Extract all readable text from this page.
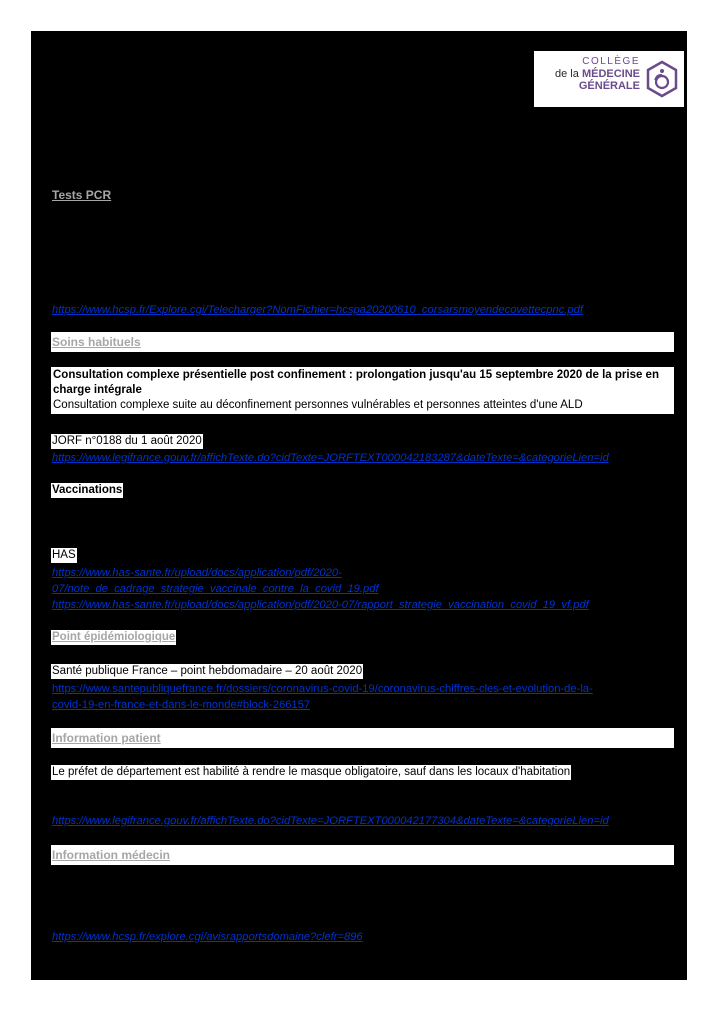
COLLÈGE
de la MÉDECINE
GÉNÉRALE
Tests PCR
https://www.hcsp.fr/Explore.cgi/Telecharger?NomFichier=hcspa20200610_corsarsmoyendecovettecpnc.pdf
Soins habituels
Consultation complexe présentielle post confinement : prolongation jusqu'au 15 septembre 2020 de la prise en charge intégrale
Consultation complexe suite au déconfinement personnes vulnérables et personnes atteintes d'une ALD
JORF n°0188 du 1 août 2020
https://www.legifrance.gouv.fr/affichTexte.do?cidTexte=JORFTEXT000042183287&dateTexte=&categorieLien=id
Vaccinations
HAS
https://www.has-sante.fr/upload/docs/application/pdf/2020-
07/note_de_cadrage_strategie_vaccinale_contre_la_covid_19.pdf
https://www.has-sante.fr/upload/docs/application/pdf/2020-07/rapport_strategie_vaccination_covid_19_vf.pdf
Point épidémiologique
Santé publique France – point hebdomadaire – 20 août 2020
https://www.santepubliquefrance.fr/dossiers/coronavirus-covid-19/coronavirus-chiffres-cles-et-evolution-de-la-
covid-19-en-france-et-dans-le-monde#block-266157
Information patient
Le préfet de département est habilité à rendre le masque obligatoire, sauf dans les locaux d'habitation
https://www.legifrance.gouv.fr/affichTexte.do?cidTexte=JORFTEXT000042177304&dateTexte=&categorieLien=id
Information médecin
https://www.hcsp.fr/explore.cgi/avisrapportsdomaine?clefr=896
